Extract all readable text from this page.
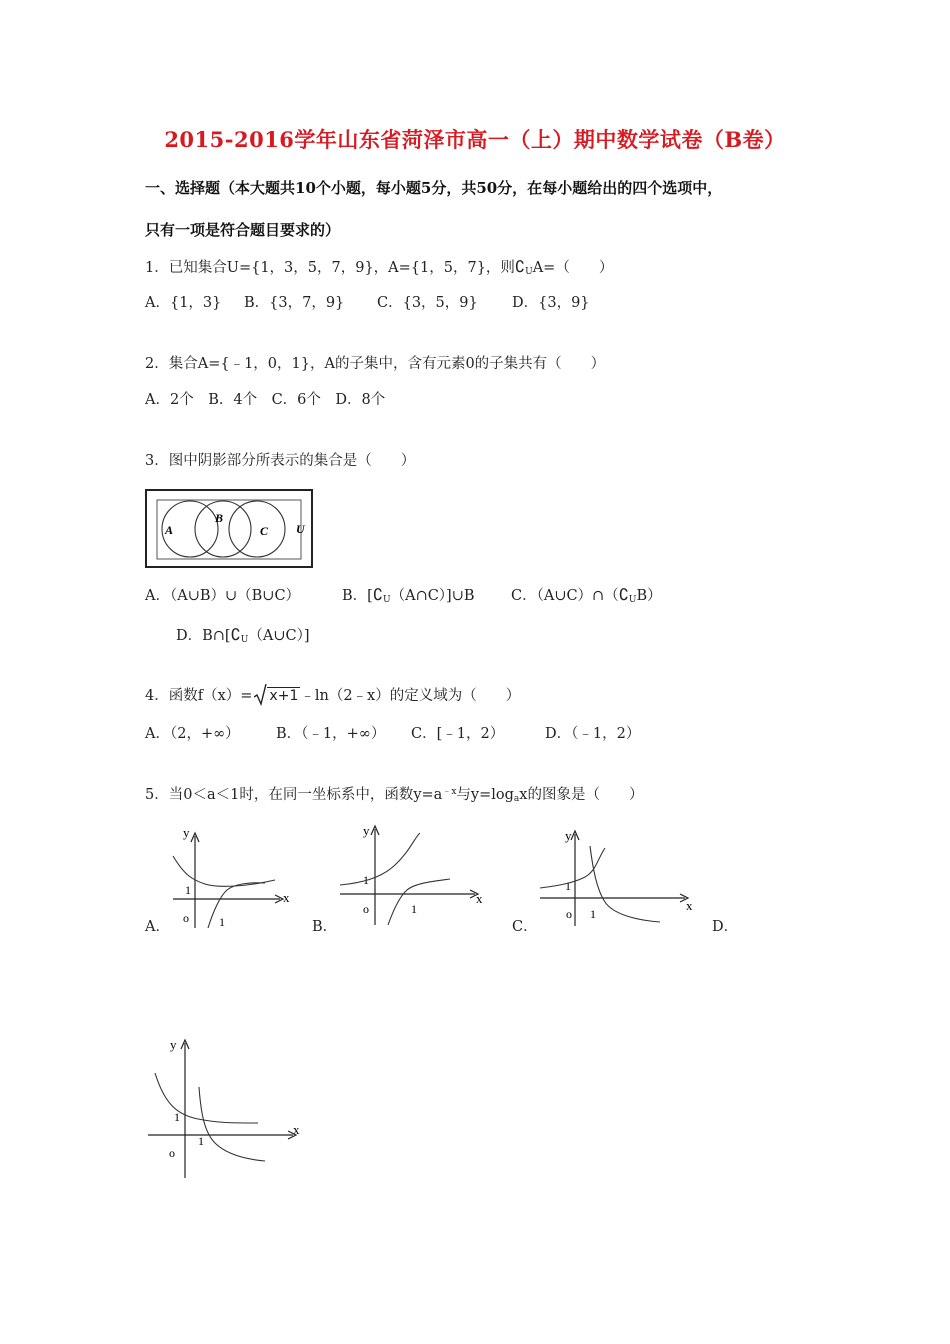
2015-2016学年山东省菏泽市高一（上）期中数学试卷（B卷）
一、选择题（本大题共10个小题，每小题5分，共50分，在每小题给出的四个选项中，
只有一项是符合题目要求的）
1．已知集合U={1，3，5，7，9}，A={1，5，7}，则$∁_UA=$（　　）
A．{1，3} B．{3，7，9} C．{3，5，9} D．{3，9}
2．集合A={﹣1，0，1}，A的子集中，含有元素0的子集共有（　　）
A．2个　B．4个　C．6个　D．8个
3．图中阴影部分所表示的集合是（　　）
A
B
C U
A．（A∪B）∪（B∪C）	B．$[∁_U(A\cap C)]\cup B$	C．$(A\cup C)\cap(∁_UB)$
D．$B\cap[∁_U(A\cup C)]$
4．函数f（x）= x+1 ﹣ln（2﹣x）的定义域为（　　）
A．（2，+∞）	B．（﹣1，+∞） C．[﹣1，2）	D．（﹣1，2）
5．当0＜a＜1时，在同一坐标系中，函数$y=a^{﹣x}$与$y=\log_ax$的图象是（　　）
A．
x
y
o
1
1	B．
x
y
o
1
1
C．
x
y
o
1
1
D．
x
y
o
1
1
